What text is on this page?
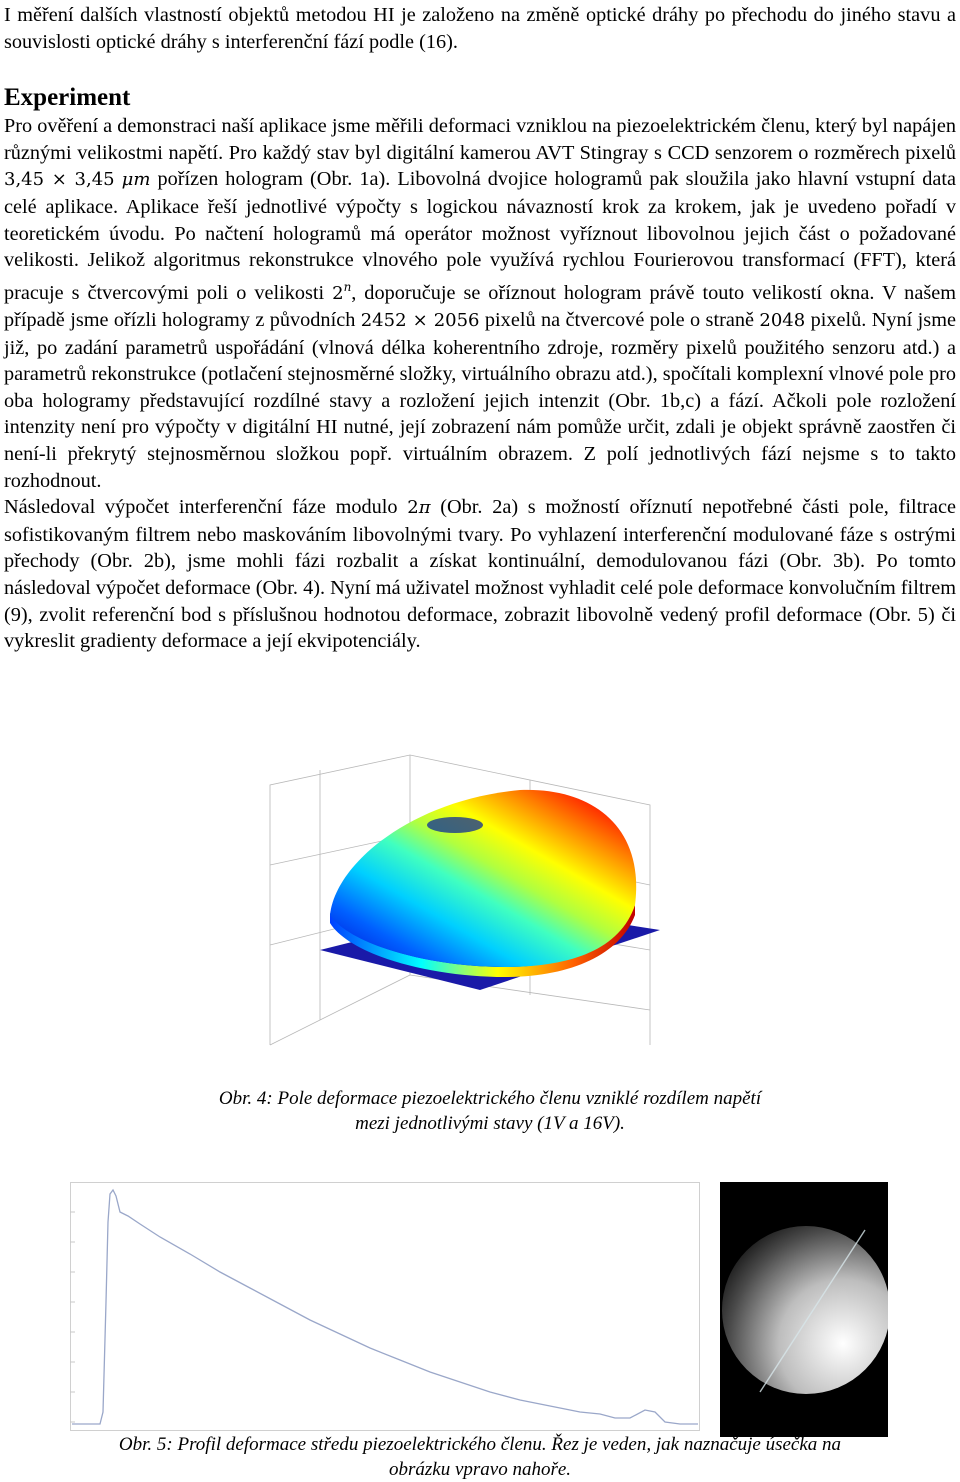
I měření dalších vlastností objektů metodou HI je založeno na změně optické dráhy po přechodu do jiného stavu a souvislosti optické dráhy s interferenční fází podle (16).

Experiment

Pro ověření a demonstraci naší aplikace jsme měřili deformaci vzniklou na piezoelektrickém členu, který byl napájen různými velikostmi napětí. Pro každý stav byl digitální kamerou AVT Stingray s CCD senzorem o rozměrech pixelů 3,45 × 3,45 μm pořízen hologram (Obr. 1a). Libovolná dvojice hologramů pak sloužila jako hlavní vstupní data celé aplikace. Aplikace řeší jednotlivé výpočty s logickou návazností krok za krokem, jak je uvedeno pořadí v teoretickém úvodu. Po načtení hologramů má operátor možnost vyříznout libovolnou jejich část o požadované velikosti. Jelikož algoritmus rekonstrukce vlnového pole využívá rychlou Fourierovou transformací (FFT), která pracuje s čtvercovými poli o velikosti 2$^n$, doporučuje se oříznout hologram právě touto velikostí okna. V našem případě jsme ořízli hologramy z původních 2452 × 2056 pixelů na čtvercové pole o straně 2048 pixelů. Nyní jsme již, po zadání parametrů uspořádání (vlnová délka koherentního zdroje, rozměry pixelů použitého senzoru atd.) a parametrů rekonstrukce (potlačení stejnosměrné složky, virtuálního obrazu atd.), spočítali komplexní vlnové pole pro oba hologramy představující rozdílné stavy a rozložení jejich intenzit (Obr. 1b,c) a fází. Ačkoli pole rozložení intenzity není pro výpočty v digitální HI nutné, její zobrazení nám pomůže určit, zdali je objekt správně zaostřen či není-li překrytý stejnosměrnou složkou popř. virtuálním obrazem. Z polí jednotlivých fází nejsme s to takto rozhodnout.

Následoval výpočet interferenční fáze modulo 2π (Obr. 2a) s možností oříznutí nepotřebné části pole, filtrace sofistikovaným filtrem nebo maskováním libovolnými tvary. Po vyhlazení interferenční modulované fáze s ostrými přechody (Obr. 2b), jsme mohli fázi rozbalit a získat kontinuální, demodulovanou fázi (Obr. 3b). Po tomto následoval výpočet deformace (Obr. 4). Nyní má uživatel možnost vyhladit celé pole deformace konvolučním filtrem (9), zvolit referenční bod s příslušnou hodnotou deformace, zobrazit libovolně vedený profil deformace (Obr. 5) či vykreslit gradienty deformace a její ekvipotenciály.

Obr. 4: Pole deformace piezoelektrického členu vzniklé rozdílem napětí
mezi jednotlivými stavy (1V a 16V).
Obr. 5: Profil deformace středu piezoelektrického členu. Řez je veden, jak naznačuje úsečka na
obrázku vpravo nahoře.
